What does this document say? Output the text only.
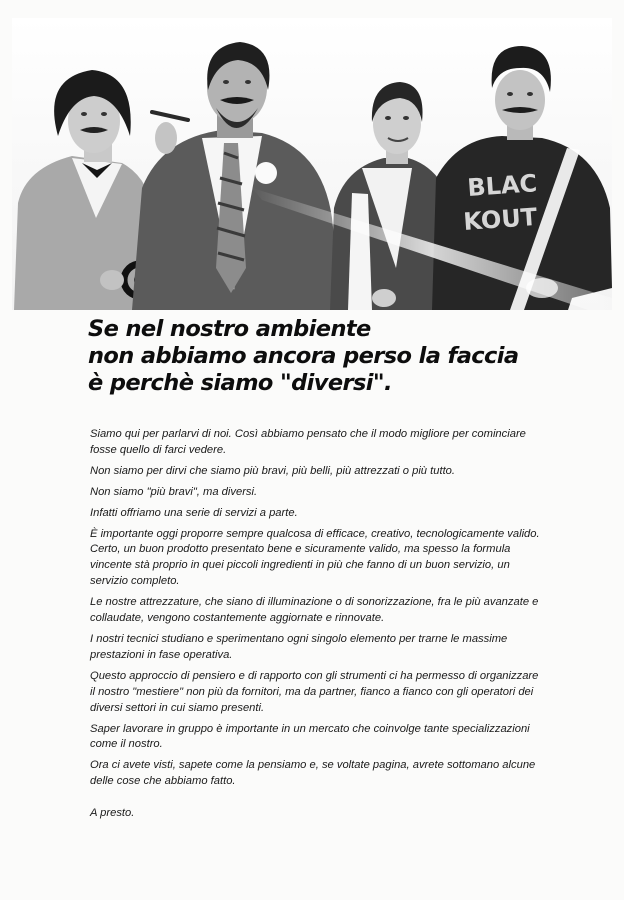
BLAC
KOUT
Se nel nostro ambiente
non abbiamo ancora perso la faccia
è perchè siamo "diversi".

Siamo qui per parlarvi di noi. Così abbiamo pensato che il modo migliore per cominciare fosse quello di farci vedere.

Non siamo per dirvi che siamo più bravi, più belli, più attrezzati o più tutto.

Non siamo "più bravi", ma diversi.

Infatti offriamo una serie di servizi a parte.

È importante oggi proporre sempre qualcosa di efficace, creativo, tecnologicamente valido. Certo, un buon prodotto presentato bene e sicuramente valido, ma spesso la formula vincente stà proprio in quei piccoli ingredienti in più che fanno di un buon servizio, un servizio completo.

Le nostre attrezzature, che siano di illuminazione o di sonorizzazione, fra le più avanzate e collaudate, vengono costantemente aggiornate e rinnovate.

I nostri tecnici studiano e sperimentano ogni singolo elemento per trarne le massime prestazioni in fase operativa.

Questo approccio di pensiero e di rapporto con gli strumenti ci ha permesso di organizzare il nostro "mestiere" non più da fornitori, ma da partner, fianco a fianco con gli operatori dei diversi settori in cui siamo presenti.

Saper lavorare in gruppo è importante in un mercato che coinvolge tante specializzazioni come il nostro.

Ora ci avete visti, sapete come la pensiamo e, se voltate pagina, avrete sottomano alcune delle cose che abbiamo fatto.

A presto.
